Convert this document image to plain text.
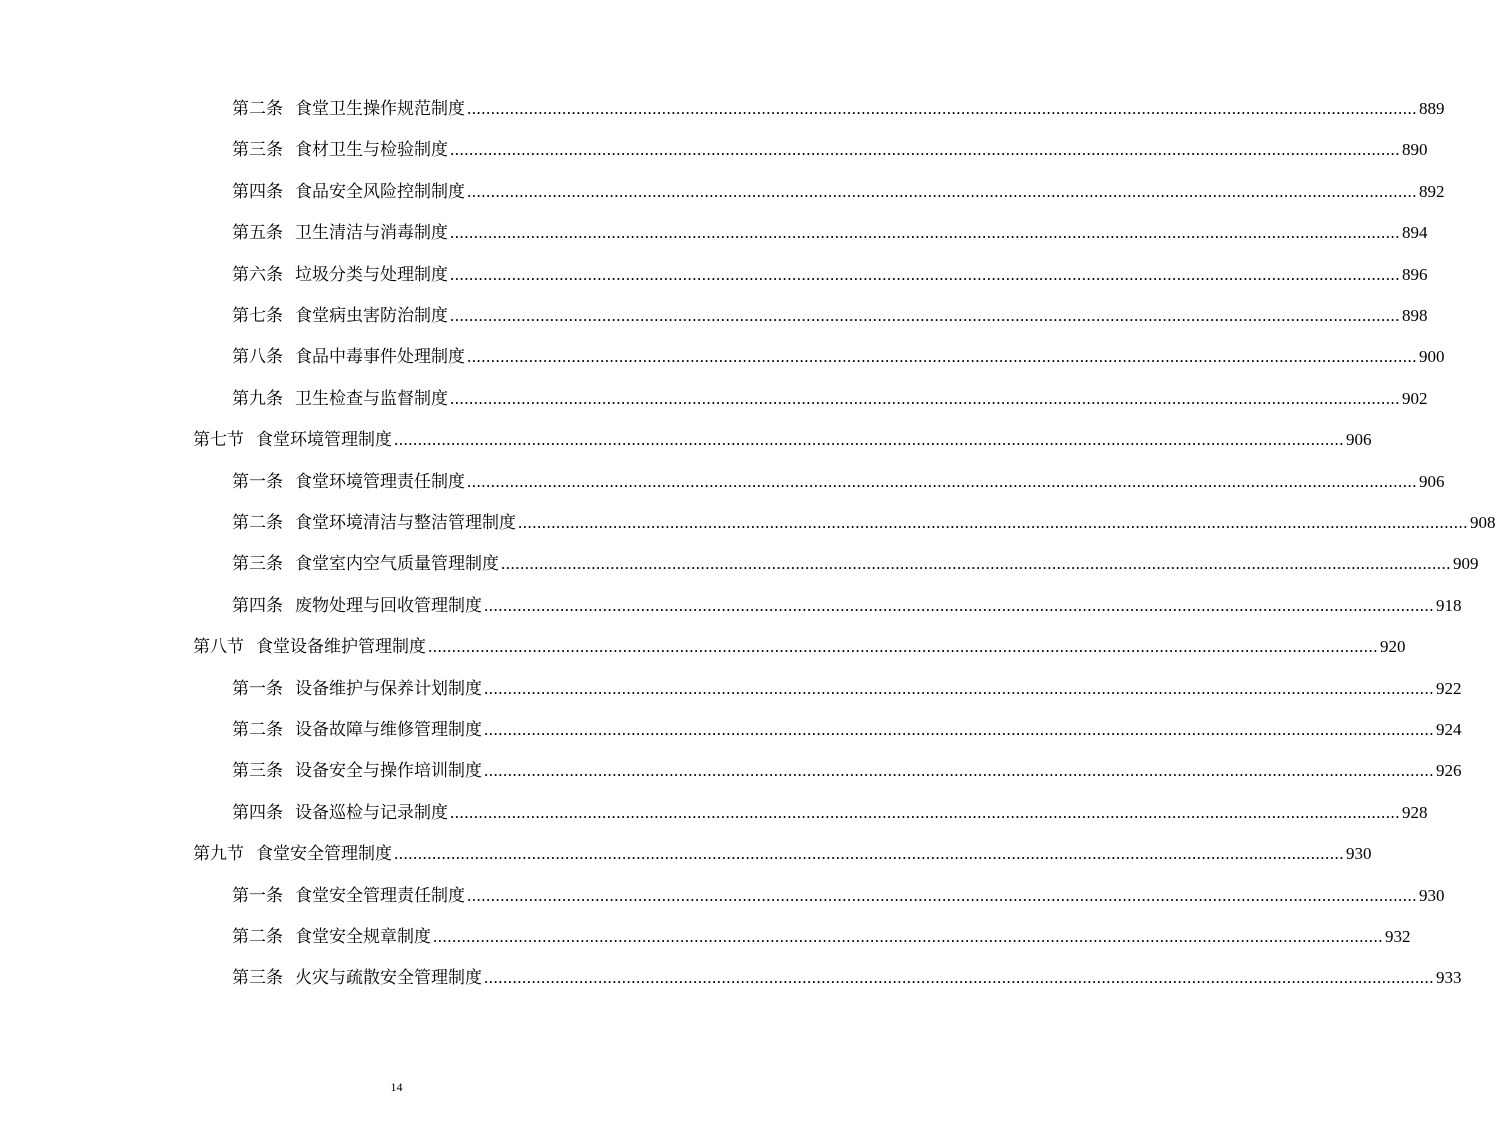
第二条 食堂卫生操作规范制度 ........................................................................................................................................................................................................ 889
第三条 食材卫生与检验制度 ........................................................................................................................................................................................................ 890
第四条 食品安全风险控制制度 ........................................................................................................................................................................................................ 892
第五条 卫生清洁与消毒制度 ........................................................................................................................................................................................................ 894
第六条 垃圾分类与处理制度 ........................................................................................................................................................................................................ 896
第七条 食堂病虫害防治制度 ........................................................................................................................................................................................................ 898
第八条 食品中毒事件处理制度 ........................................................................................................................................................................................................ 900
第九条 卫生检查与监督制度 ........................................................................................................................................................................................................ 902
第七节 食堂环境管理制度 ........................................................................................................................................................................................................ 906
第一条 食堂环境管理责任制度 ........................................................................................................................................................................................................ 906
第二条 食堂环境清洁与整洁管理制度 ........................................................................................................................................................................................................ 908
第三条 食堂室内空气质量管理制度 ........................................................................................................................................................................................................ 909
第四条 废物处理与回收管理制度 ........................................................................................................................................................................................................ 918
第八节 食堂设备维护管理制度 ........................................................................................................................................................................................................ 920
第一条 设备维护与保养计划制度 ........................................................................................................................................................................................................ 922
第二条 设备故障与维修管理制度 ........................................................................................................................................................................................................ 924
第三条 设备安全与操作培训制度 ........................................................................................................................................................................................................ 926
第四条 设备巡检与记录制度 ........................................................................................................................................................................................................ 928
第九节 食堂安全管理制度 ........................................................................................................................................................................................................ 930
第一条 食堂安全管理责任制度 ........................................................................................................................................................................................................ 930
第二条 食堂安全规章制度 ........................................................................................................................................................................................................ 932
第三条 火灾与疏散安全管理制度 ........................................................................................................................................................................................................ 933
14
